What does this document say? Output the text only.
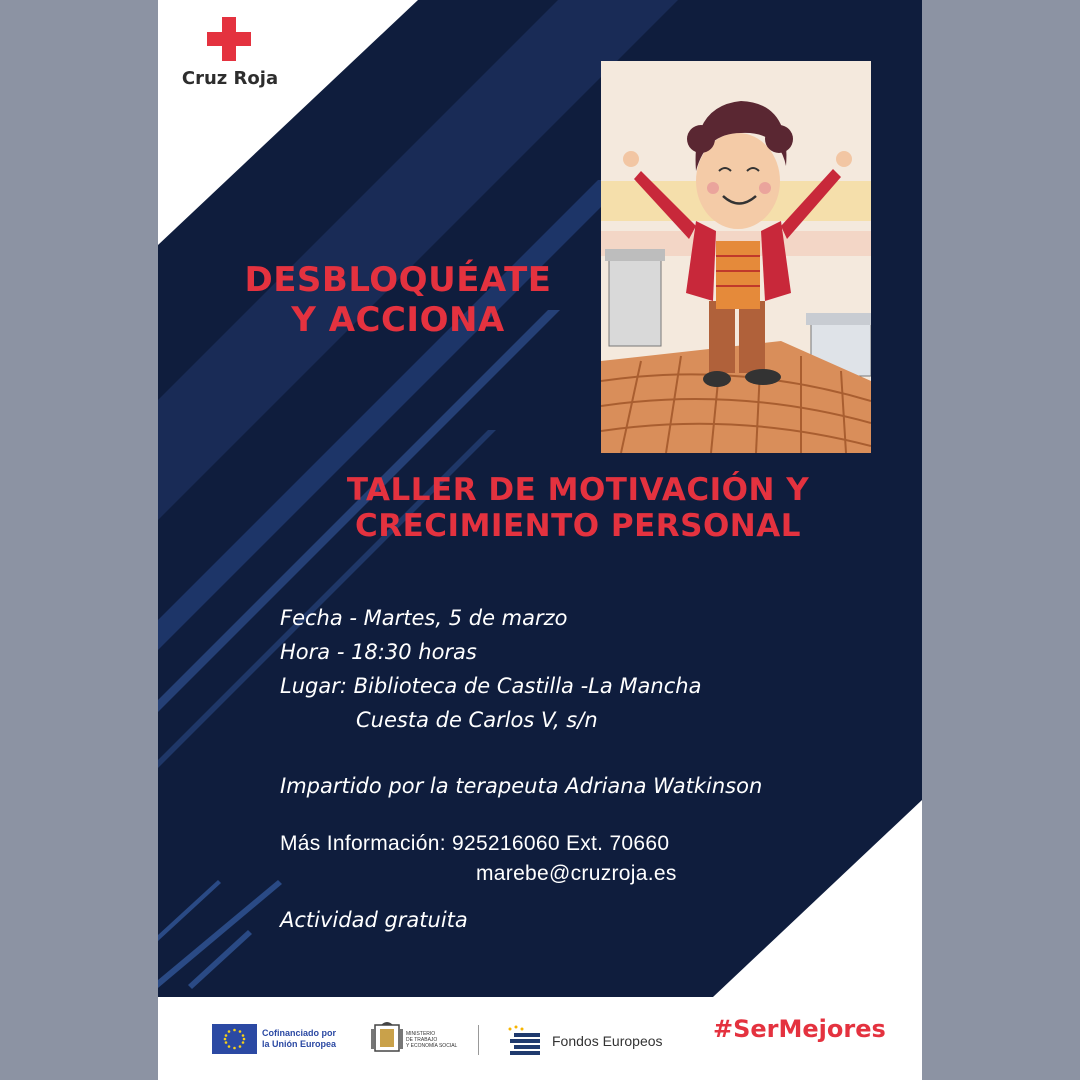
Cruz Roja
DESBLOQUÉATE
Y ACCIONA
TALLER DE MOTIVACIÓN Y
CRECIMIENTO PERSONAL

Fecha - Martes, 5 de marzo

Hora - 18:30 horas

Lugar: Biblioteca de Castilla -La Mancha

Cuesta de Carlos V, s/n

Impartido por la terapeuta Adriana Watkinson

Más Información: 925216060 Ext. 70660

marebe@cruzroja.es

Actividad gratuita

Cofinanciado por
la Unión Europea
MINISTERIO
DE TRABAJO
Y ECONOMÍA SOCIAL	Fondos Europeos #SerMejores
